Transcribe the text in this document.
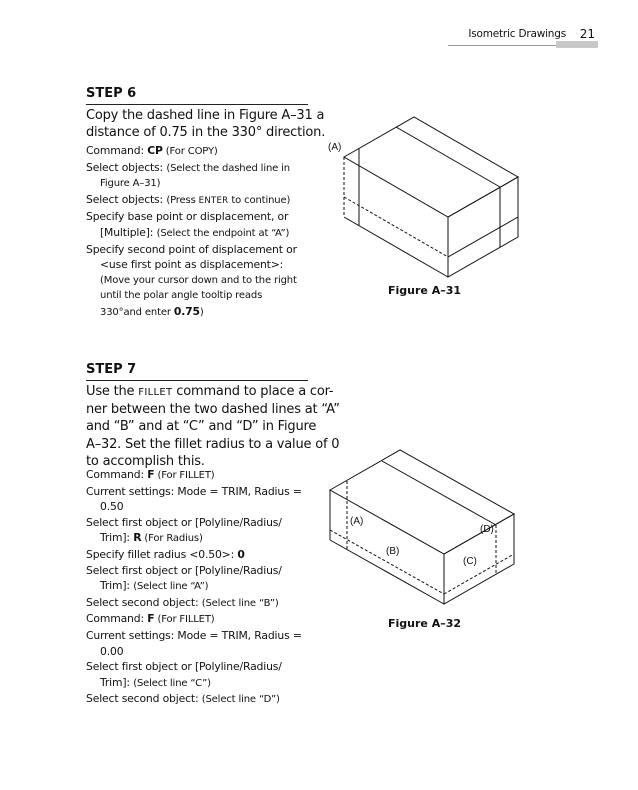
Isometric Drawings 21
STEP 6
Copy the dashed line in Figure A–31 a
distance of 0.75 in the 330° direction.
Command: CP (For COPY)
Select objects: (Select the dashed line in
Figure A–31)
Select objects: (Press ENTER to continue)
Specify base point or displacement, or
[Multiple]: (Select the endpoint at “A”)
Specify second point of displacement or
<use first point as displacement>:
(Move your cursor down and to the right
until the polar angle tooltip reads
330°and enter 0.75)
(A)
Figure A–31
STEP 7
Use the FILLET command to place a cor-
ner between the two dashed lines at “A”
and “B” and at “C” and “D” in Figure
A–32. Set the fillet radius to a value of 0
to accomplish this.
Command: F (For FILLET)
Current settings: Mode = TRIM, Radius =
0.50
Select first object or [Polyline/Radius/
Trim]: R (For Radius)
Specify fillet radius <0.50>: 0
Select first object or [Polyline/Radius/
Trim]: (Select line “A”)
Select second object: (Select line “B”)
Command: F (For FILLET)
Current settings: Mode = TRIM, Radius =
0.00
Select first object or [Polyline/Radius/
Trim]: (Select line “C”)
Select second object: (Select line “D”)
(A)
(B)
(C)
(D)
Figure A–32
